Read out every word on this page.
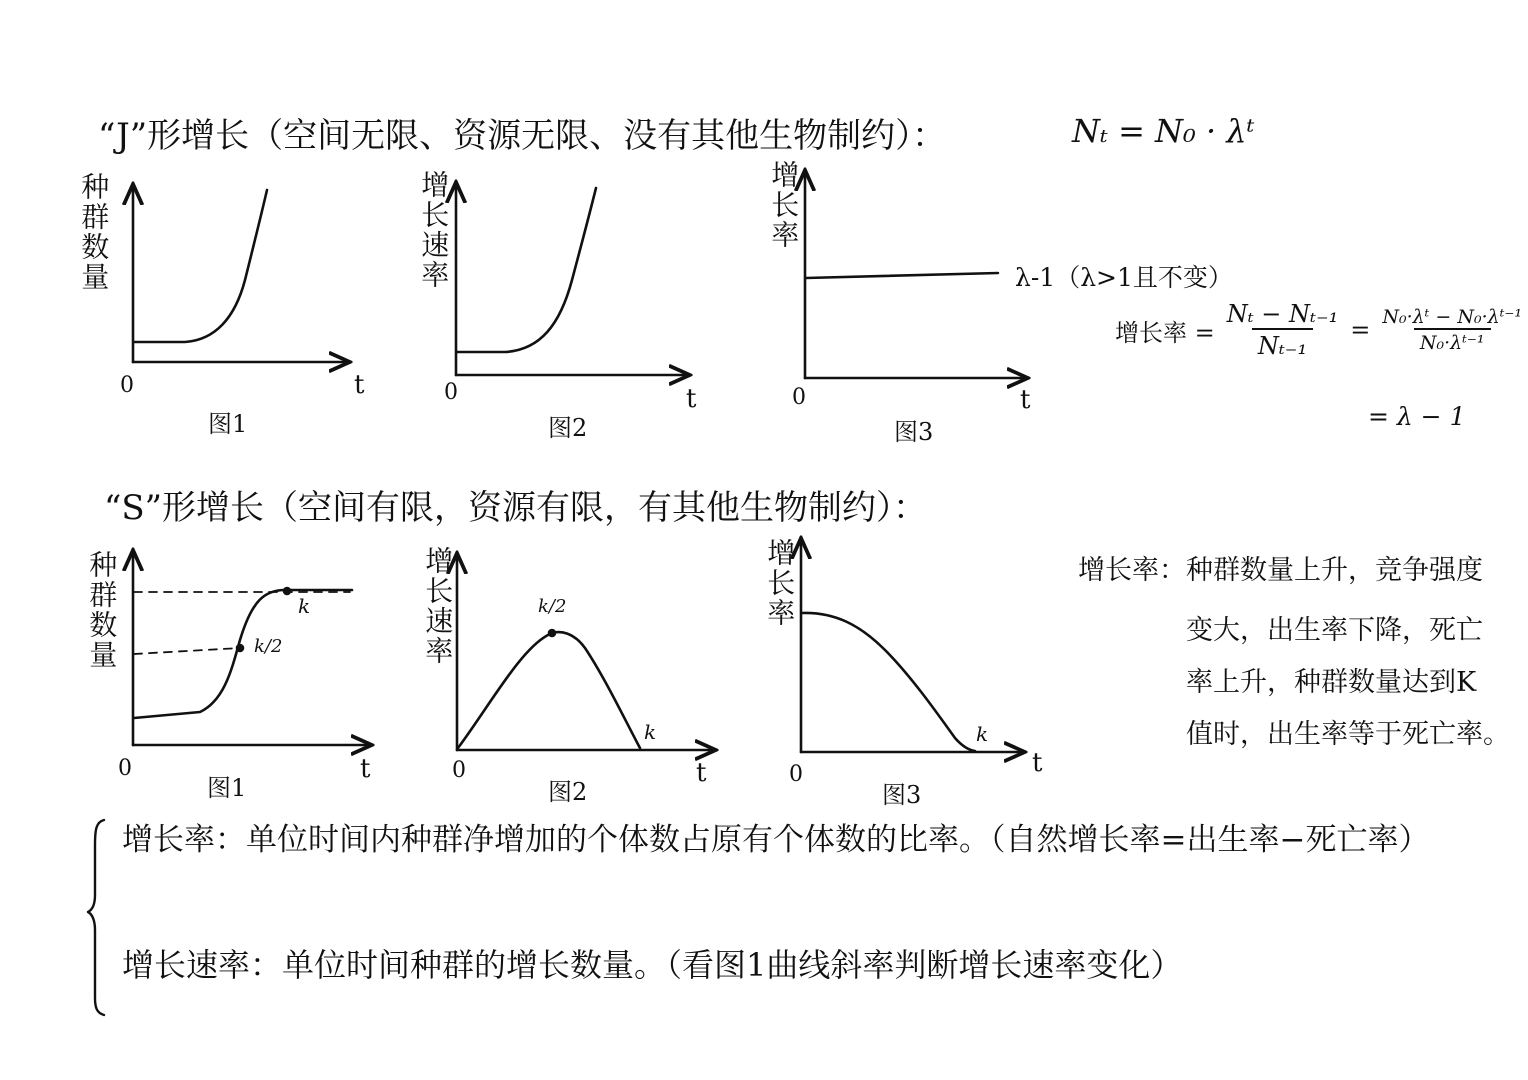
“J”形增长（空间无限、资源无限、没有其他生物制约）：	Nₜ = N₀ · λᵗ
种群数量
0	t
图1
增长速率
0	t
图2
增长率
0	t
图3
λ-1（λ>1且不变）
增长率 = $\frac{\text{Nₜ − Nₜ₋₁}}{\text{Nₜ₋₁}} = \frac{\text{N₀·λᵗ − N₀·λᵗ⁻¹}}{\text{N₀·λᵗ⁻¹}}$
= λ − 1
“S”形增长（空间有限，资源有限，有其他生物制约）：
种群数量
0	t
图1
k
k/2	增长速率
0	t
图2
k/2
k
增长率
0	t
图3
k
增长率：种群数量上升，竞争强度
变大，出生率下降，死亡
率上升，种群数量达到K
值时，出生率等于死亡率。
增长率：单位时间内种群净增加的个体数占原有个体数的比率。（自然增长率=出生率−死亡率）
增长速率：单位时间种群的增长数量。（看图1曲线斜率判断增长速率变化）
